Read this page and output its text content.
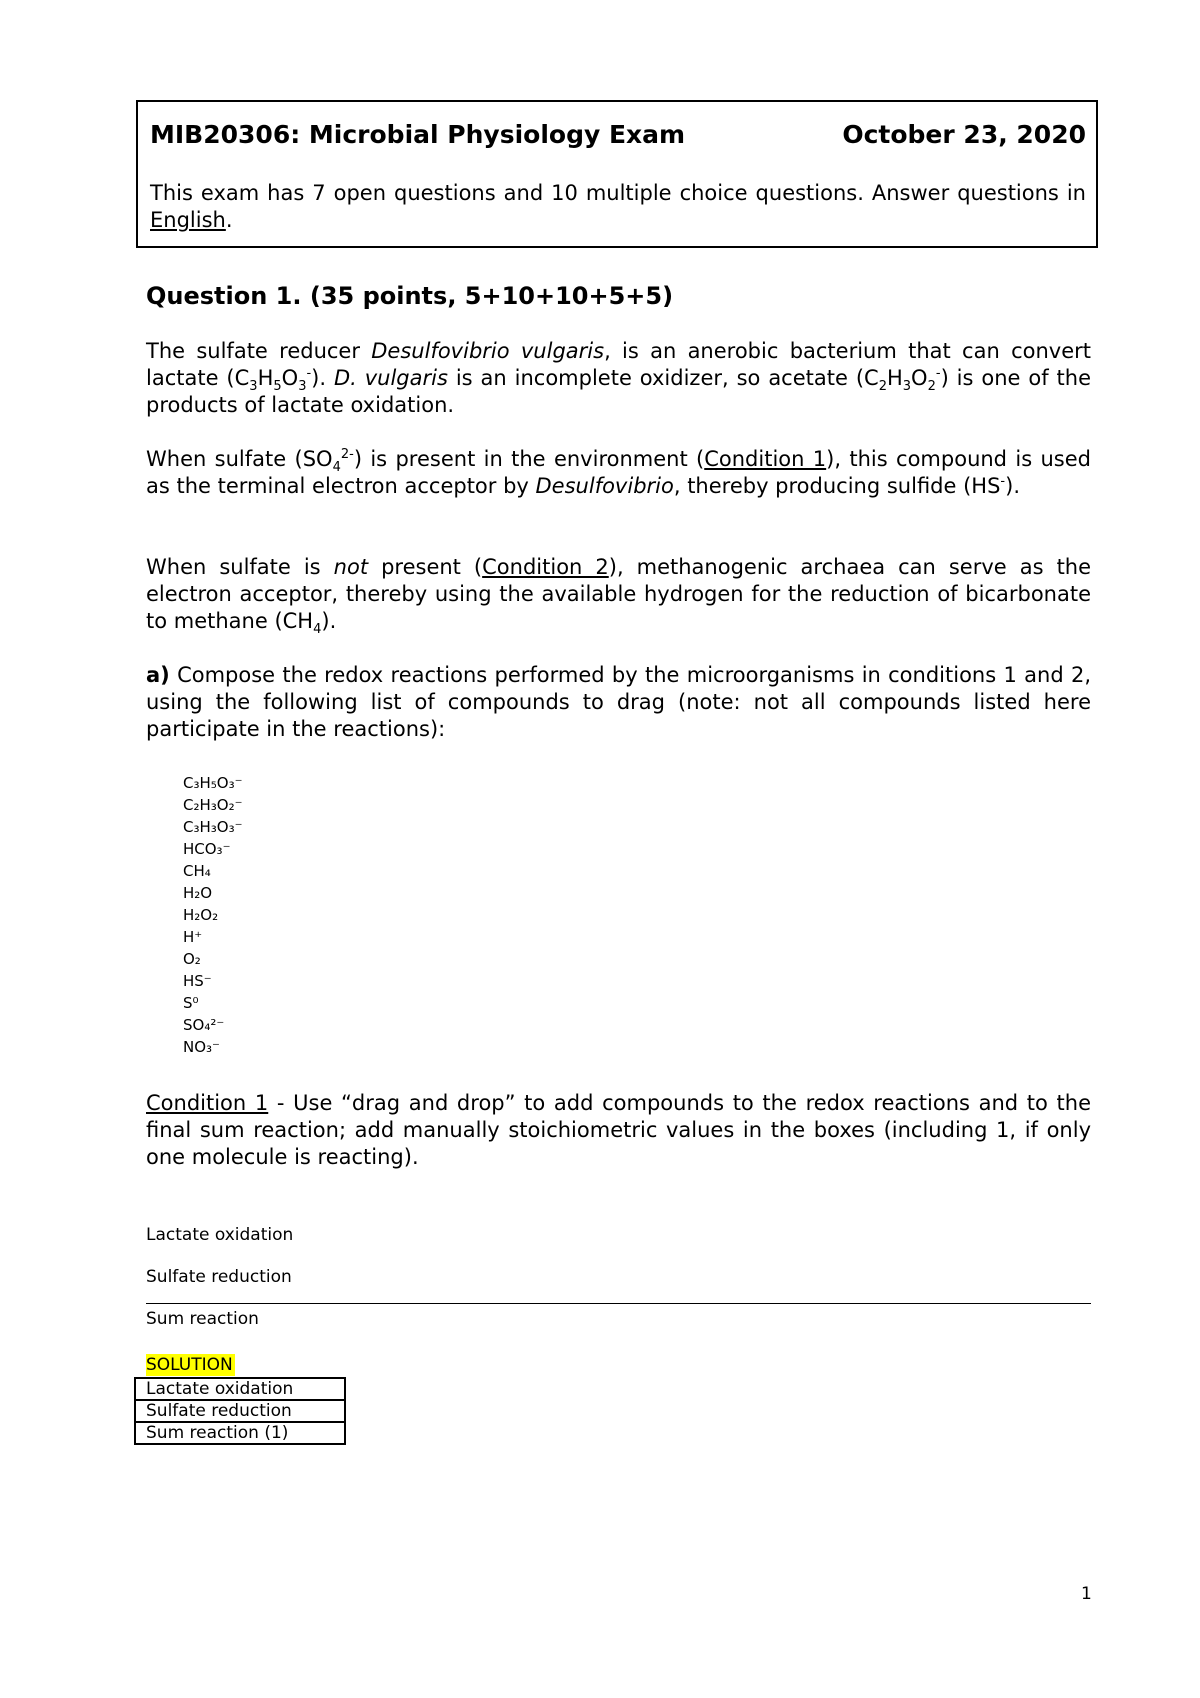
MIB20306: Microbial Physiology Exam	October 23, 2020
This exam has 7 open questions and 10 multiple choice questions. Answer questions in English.
Question 1. (35 points, 5+10+10+5+5)
The sulfate reducer Desulfovibrio vulgaris, is an anerobic bacterium that can convert lactate $(C_3H_5O_3^-)$. D. vulgaris is an incomplete oxidizer, so acetate $(C_2H_3O_2^-)$ is one of the products of lactate oxidation.
When sulfate $(SO_4^{2-})$ is present in the environment (Condition 1), this compound is used as the terminal electron acceptor by Desulfovibrio, thereby producing sulfide (HS-).
When sulfate is not present (Condition 2), methanogenic archaea can serve as the electron acceptor, thereby using the available hydrogen for the reduction of bicarbonate to methane $(CH_4)$.
a) Compose the redox reactions performed by the microorganisms in conditions 1 and 2, using the following list of compounds to drag (note: not all compounds listed here participate in the reactions):
C₃H₅O₃⁻
C₂H₃O₂⁻
C₃H₃O₃⁻
HCO₃⁻
CH₄
H₂O
H₂O₂
H⁺
O₂
HS⁻
S⁰
SO₄²⁻
NO₃⁻
Condition 1 - Use “drag and drop” to add compounds to the redox reactions and to the final sum reaction; add manually stoichiometric values in the boxes (including 1, if only one molecule is reacting).
Lactate oxidation
Sulfate reduction
Sum reaction
SOLUTION
Lactate oxidation
Sulfate reduction
Sum reaction (1)
1
